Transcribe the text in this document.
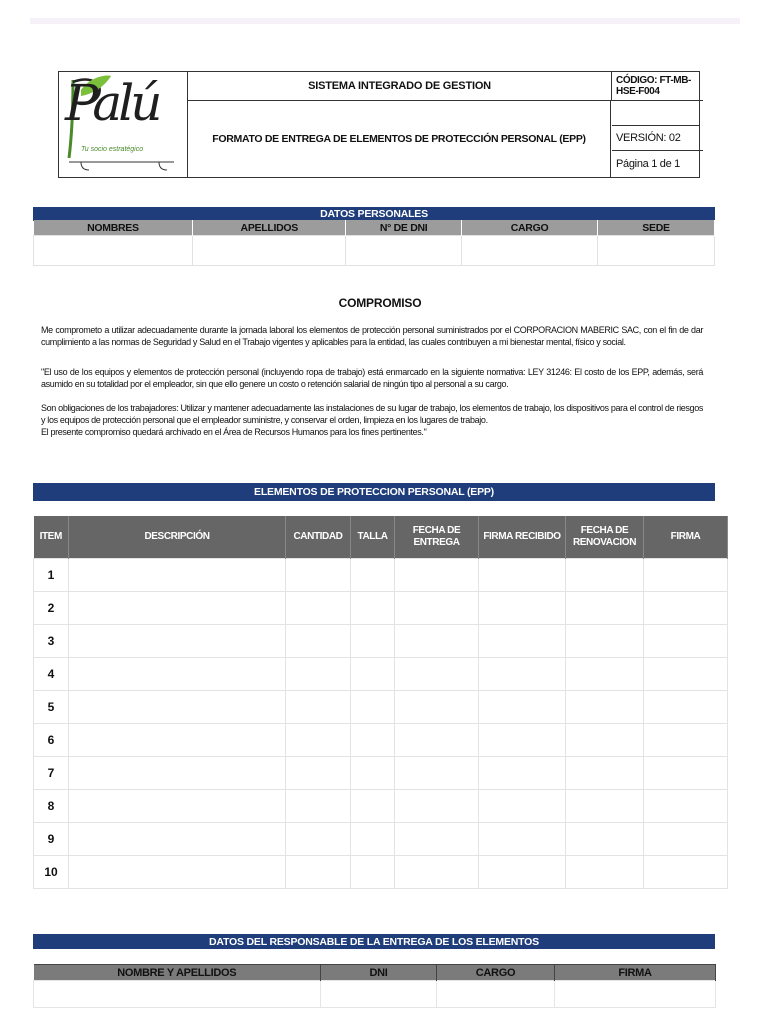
Palú
Tu socio estratégico
SISTEMA INTEGRADO DE GESTION
FORMATO DE ENTREGA DE ELEMENTOS DE PROTECCIÓN PERSONAL (EPP)
CÓDIGO: FT-MB-HSE-F004
VERSIÓN: 02
Página 1 de 1
DATOS PERSONALES
NOMBRES	APELLIDOS	N° DE DNI	CARGO	SEDE

COMPROMISO
Me comprometo a utilizar adecuadamente durante la jornada laboral los elementos de protección personal suministrados por el CORPORACION MABERIC SAC, con el fin de dar cumplimiento a las normas de Seguridad y Salud en el Trabajo vigentes y aplicables para la entidad, las cuales contribuyen a mi bienestar mental, físico y social.
"El uso de los equipos y elementos de protección personal (incluyendo ropa de trabajo) está enmarcado en la siguiente normativa: LEY 31246: El costo de los EPP, además, será asumido en su totalidad por el empleador, sin que ello genere un costo o retención salarial de ningún tipo al personal a su cargo.
Son obligaciones de los trabajadores: Utilizar y mantener adecuadamente las instalaciones de su lugar de trabajo, los elementos de trabajo, los dispositivos para el control de riesgos y los equipos de protección personal que el empleador suministre, y conservar el orden, limpieza en los lugares de trabajo.
El presente compromiso quedará archivado en el Área de Recursos Humanos para los fines pertinentes."
ELEMENTOS DE PROTECCION PERSONAL (EPP)
ITEM	DESCRIPCIÓN	CANTIDAD	TALLA	FECHA DE ENTREGA	FIRMA RECIBIDO	FECHA DE RENOVACION	FIRMA
1							
2							
3							
4							
5							
6							
7							
8							
9							
10							
DATOS DEL RESPONSABLE DE LA ENTREGA DE LOS ELEMENTOS
NOMBRE Y APELLIDOS	DNI	CARGO	FIRMA
